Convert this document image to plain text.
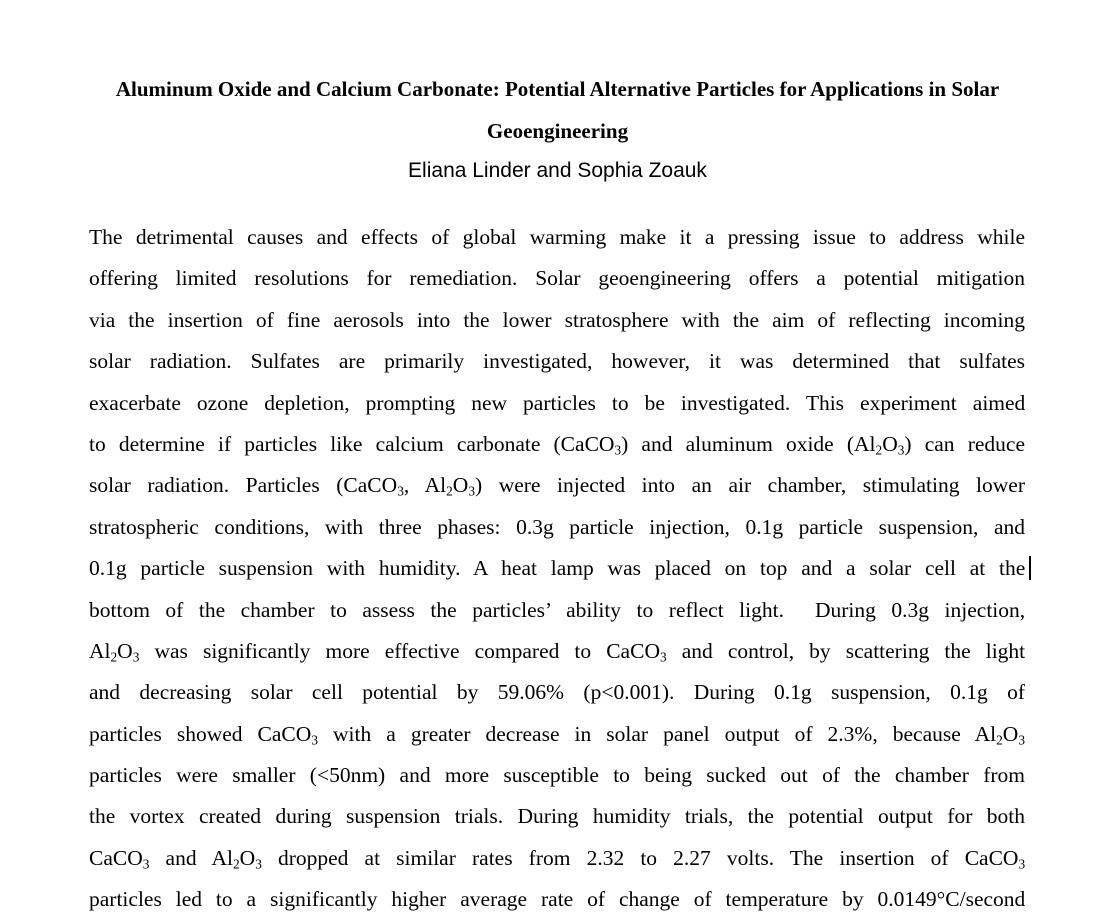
Aluminum Oxide and Calcium Carbonate: Potential Alternative Particles for Applications in Solar Geoengineering

Eliana Linder and Sophia Zoauk

The detrimental causes and effects of global warming make it a pressing issue to address while
offering limited resolutions for remediation. Solar geoengineering offers a potential mitigation
via the insertion of fine aerosols into the lower stratosphere with the aim of reflecting incoming
solar radiation. Sulfates are primarily investigated, however, it was determined that sulfates
exacerbate ozone depletion, prompting new particles to be investigated. This experiment aimed
to determine if particles like calcium carbonate (CaCO$_3$) and aluminum oxide $(Al_2O_3)$ can reduce
solar radiation. Particles (CaCO$_3$, $Al_2O_3$) were injected into an air chamber, stimulating lower
stratospheric conditions, with three phases: 0.3g particle injection, 0.1g particle suspension, and
0.1g particle suspension with humidity. A heat lamp was placed on top and a solar cell at the
bottom of the chamber to assess the particles’ ability to reflect light.  During 0.3g injection,
$Al_2O_3$ was significantly more effective compared to CaCO$_3$ and control, by scattering the light
and decreasing solar cell potential by 59.06% (p<0.001). During 0.1g suspension, 0.1g of
particles showed CaCO$_3$ with a greater decrease in solar panel output of 2.3%, because $Al_2O_3$
particles were smaller (<50nm) and more susceptible to being sucked out of the chamber from
the vortex created during suspension trials. During humidity trials, the potential output for both
CaCO$_3$ and $Al_2O_3$ dropped at similar rates from 2.32 to 2.27 volts. The insertion of CaCO$_3$
particles led to a significantly higher average rate of change of temperature by 0.0149°C/second
